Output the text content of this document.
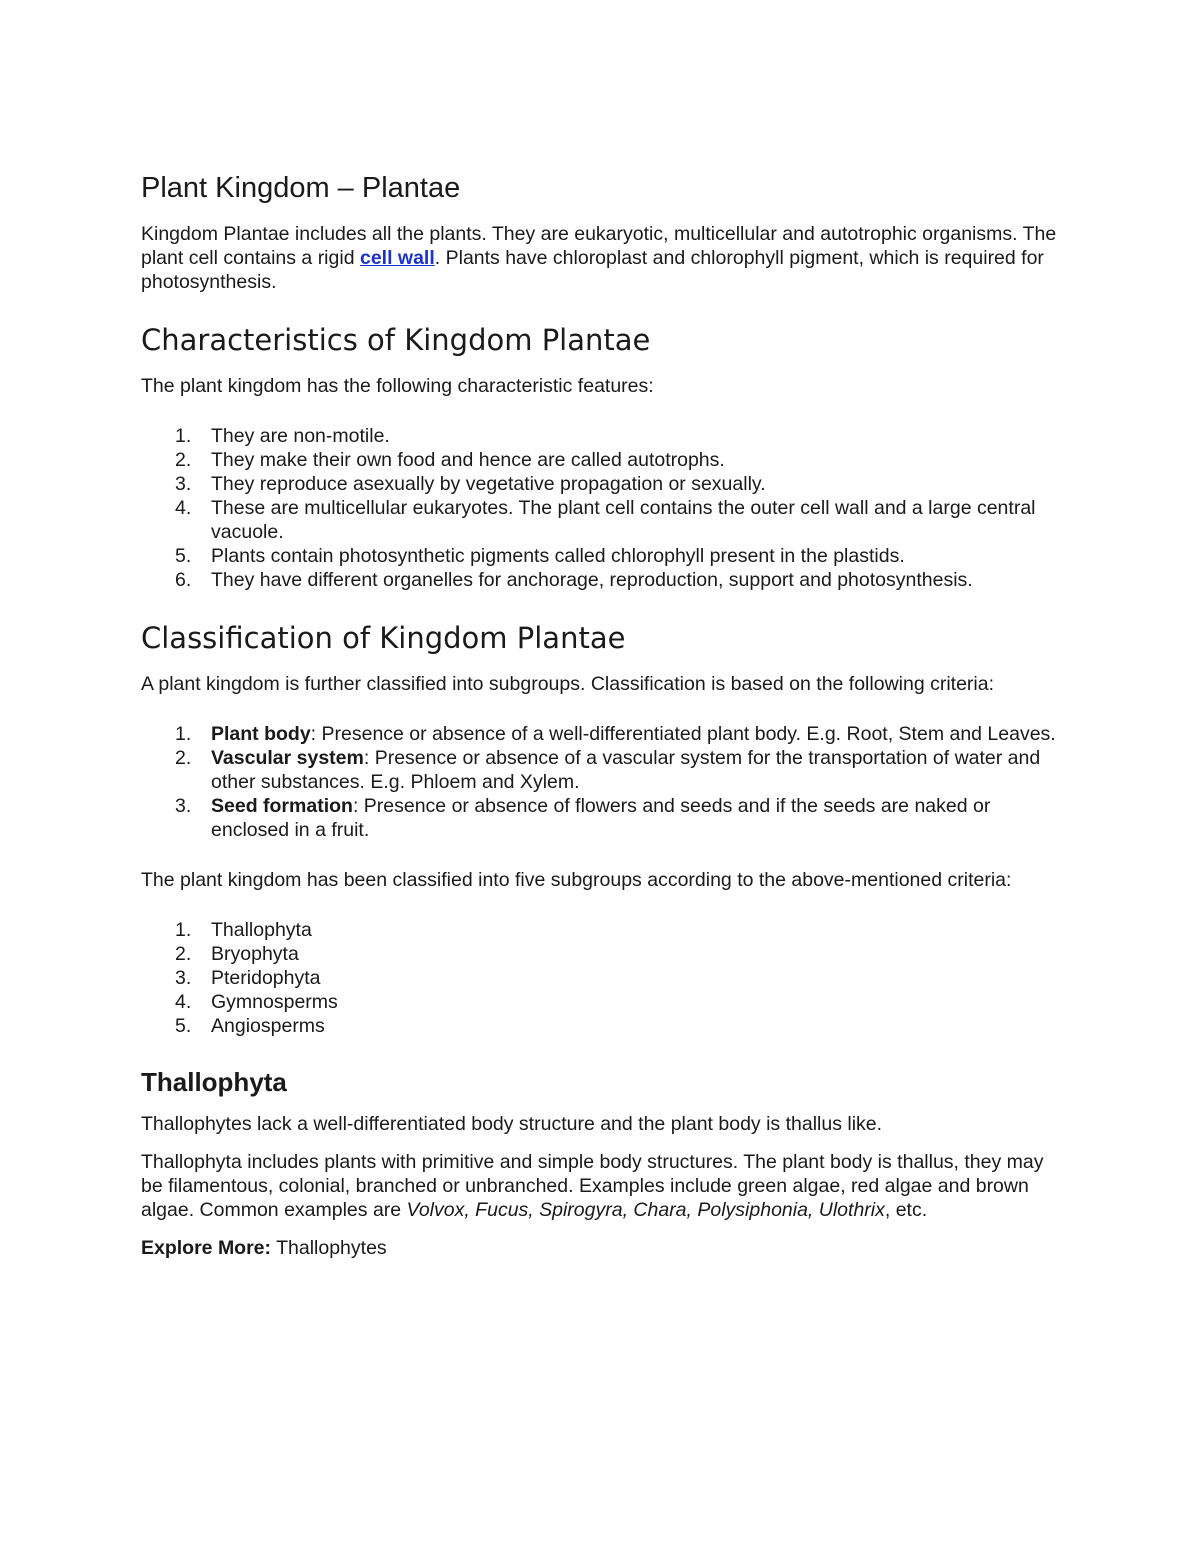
Plant Kingdom – Plantae

Kingdom Plantae includes all the plants. They are eukaryotic, multicellular and autotrophic organisms. The plant cell contains a rigid cell wall. Plants have chloroplast and chlorophyll pigment, which is required for photosynthesis.

Characteristics of Kingdom Plantae

The plant kingdom has the following characteristic features:

1. They are non-motile.
2. They make their own food and hence are called autotrophs.
3. They reproduce asexually by vegetative propagation or sexually.
4. These are multicellular eukaryotes. The plant cell contains the outer cell wall and a large central vacuole.
5. Plants contain photosynthetic pigments called chlorophyll present in the plastids.
6. They have different organelles for anchorage, reproduction, support and photosynthesis.
Classification of Kingdom Plantae

A plant kingdom is further classified into subgroups. Classification is based on the following criteria:

1. Plant body: Presence or absence of a well-differentiated plant body. E.g. Root, Stem and Leaves.
2. Vascular system: Presence or absence of a vascular system for the transportation of water and other substances. E.g. Phloem and Xylem.
3. Seed formation: Presence or absence of flowers and seeds and if the seeds are naked or enclosed in a fruit.

The plant kingdom has been classified into five subgroups according to the above-mentioned criteria:

1. Thallophyta
2. Bryophyta
3. Pteridophyta
4. Gymnosperms
5. Angiosperms
Thallophyta

Thallophytes lack a well-differentiated body structure and the plant body is thallus like.

Thallophyta includes plants with primitive and simple body structures. The plant body is thallus, they may be filamentous, colonial, branched or unbranched. Examples include green algae, red algae and brown algae. Common examples are Volvox, Fucus, Spirogyra, Chara, Polysiphonia, Ulothrix, etc.

Explore More: Thallophytes
